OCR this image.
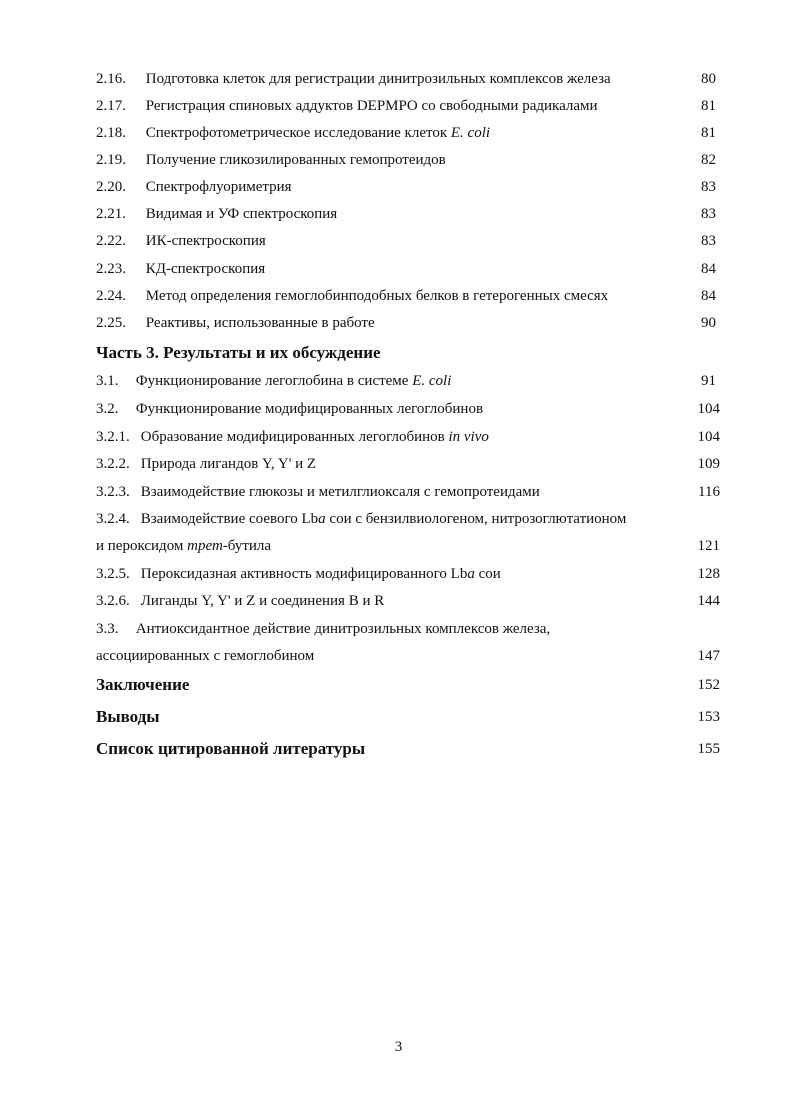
2.16. Подготовка клеток для регистрации динитрозильных комплексов железа	80
2.17. Регистрация спиновых аддуктов DEPMPO со свободными радикалами	81
2.18. Спектрофотометрическое исследование клеток E. coli	81
2.19. Получение гликозилированных гемопротеидов	82
2.20. Спектрофлуориметрия	83
2.21. Видимая и УФ спектроскопия	83
2.22. ИК-спектроскопия	83
2.23. КД-спектроскопия	84
2.24. Метод определения гемоглобинподобных белков в гетерогенных смесях	84
2.25. Реактивы, использованные в работе	90
Часть 3. Результаты и их обсуждение
3.1. Функционирование легоглобина в системе E. coli	91
3.2. Функционирование модифицированных легоглобинов	104
3.2.1. Образование модифицированных легоглобинов in vivo	104
3.2.2. Природа лигандов Y, Y' и Z	109
3.2.3. Взаимодействие глюкозы и метилглиоксаля с гемопротеидами	116
3.2.4. Взаимодействие соевого Lba сои с бензилвиологеном, нитрозоглютатионом
и пероксидом трет-бутила	121
3.2.5. Пероксидазная активность модифицированного Lba сои	128
3.2.6. Лиганды Y, Y' и Z и соединения B и R	144
3.3. Антиоксидантное действие динитрозильных комплексов железа,
ассоциированных с гемоглобином	147
Заключение	152
Выводы	153
Список цитированной литературы	155
3
